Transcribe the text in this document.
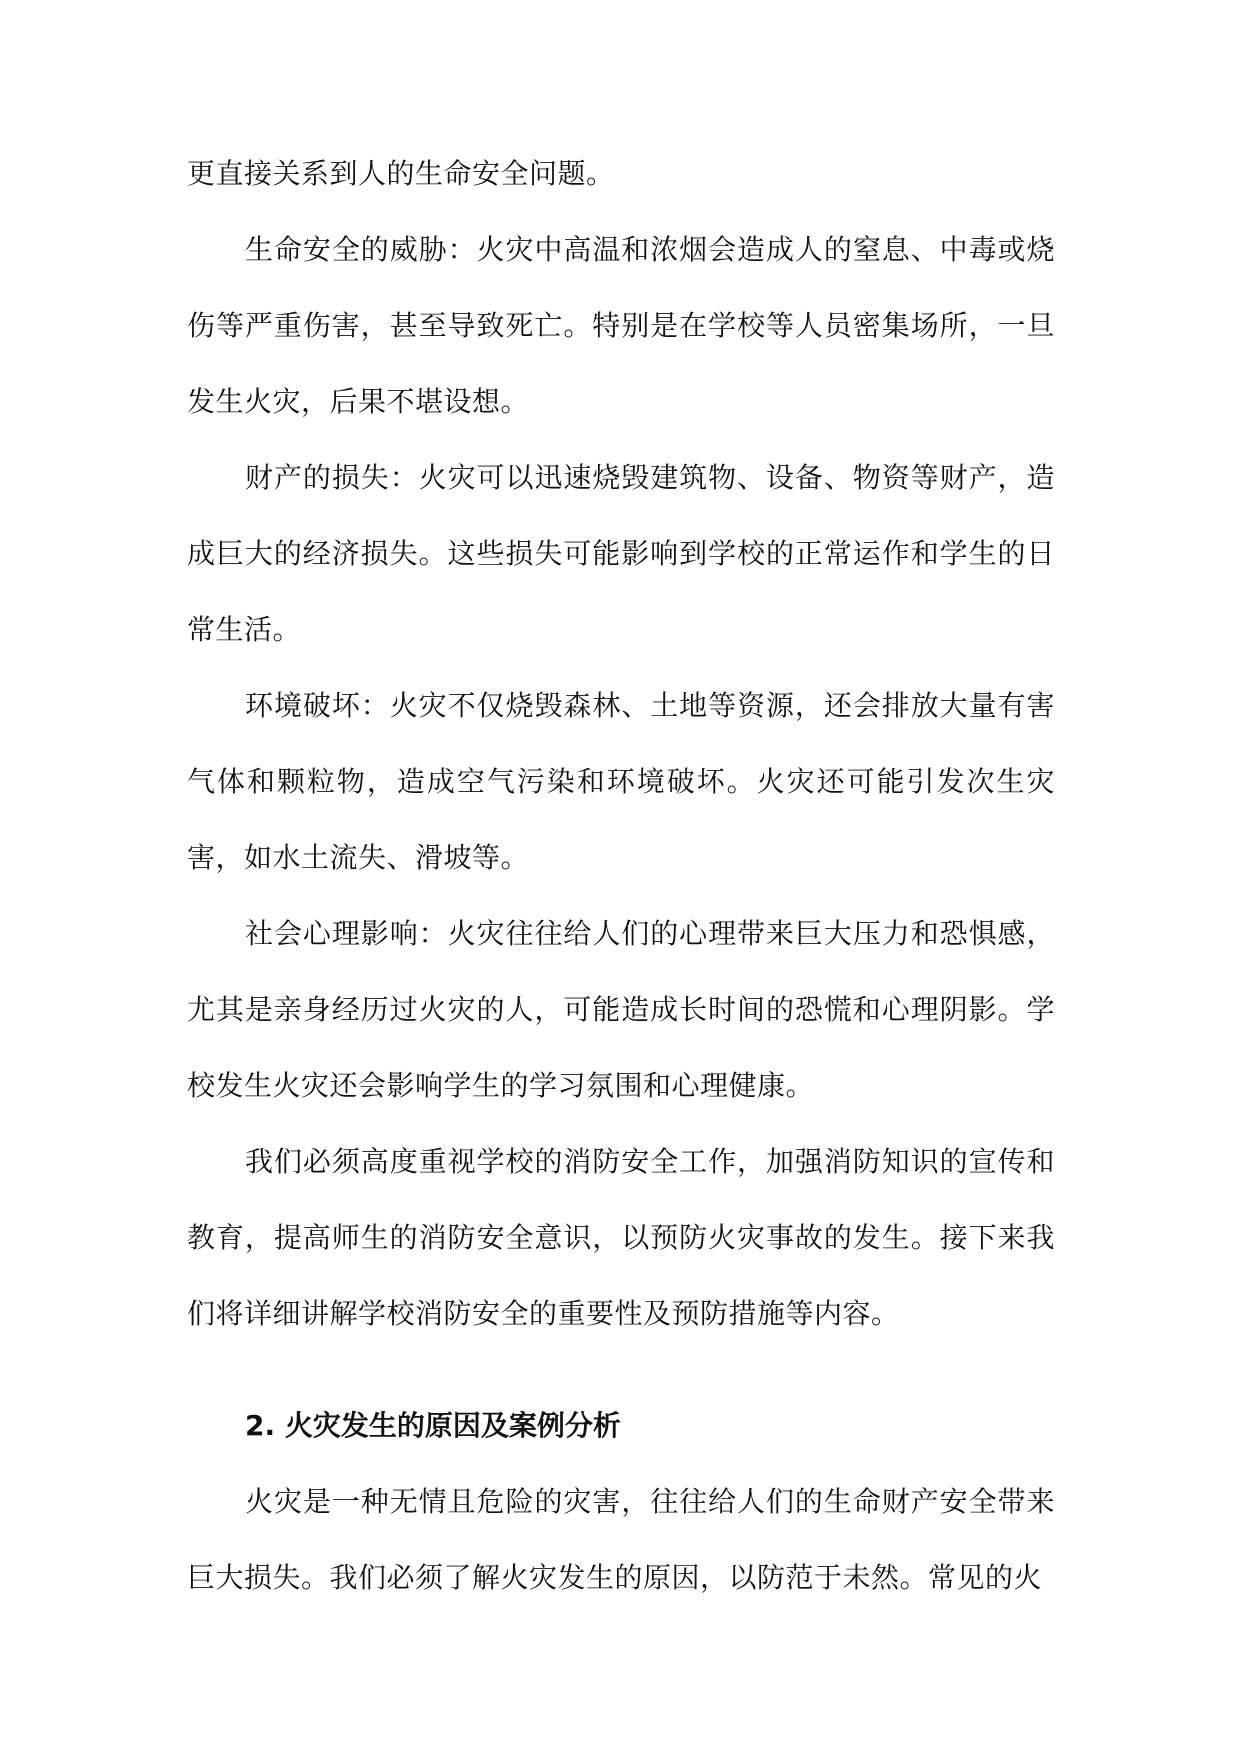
更直接关系到人的生命安全问题。

生命安全的威胁：火灾中高温和浓烟会造成人的窒息、中毒或烧伤等严重伤害，甚至导致死亡。特别是在学校等人员密集场所，一旦发生火灾，后果不堪设想。

财产的损失：火灾可以迅速烧毁建筑物、设备、物资等财产，造成巨大的经济损失。这些损失可能影响到学校的正常运作和学生的日常生活。

环境破坏：火灾不仅烧毁森林、土地等资源，还会排放大量有害气体和颗粒物，造成空气污染和环境破坏。火灾还可能引发次生灾害，如水土流失、滑坡等。

社会心理影响：火灾往往给人们的心理带来巨大压力和恐惧感，尤其是亲身经历过火灾的人，可能造成长时间的恐慌和心理阴影。学校发生火灾还会影响学生的学习氛围和心理健康。

我们必须高度重视学校的消防安全工作，加强消防知识的宣传和教育，提高师生的消防安全意识，以预防火灾事故的发生。接下来我们将详细讲解学校消防安全的重要性及预防措施等内容。

2. 火灾发生的原因及案例分析

火灾是一种无情且危险的灾害，往往给人们的生命财产安全带来巨大损失。我们必须了解火灾发生的原因，以防范于未然。常见的火
